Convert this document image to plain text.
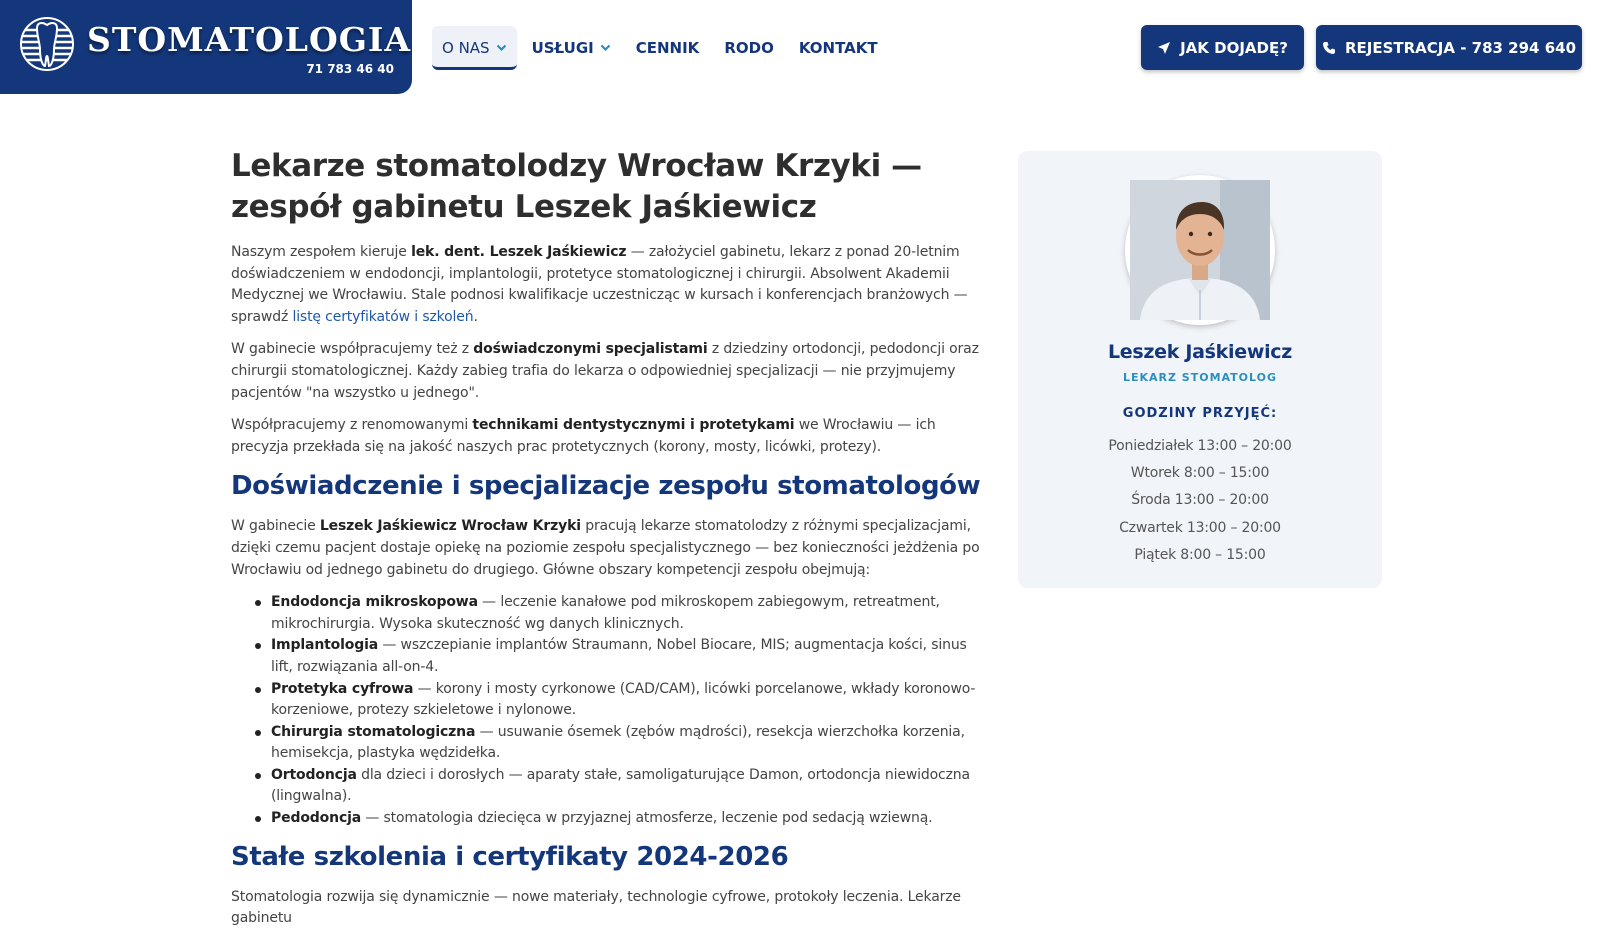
STOMATOLOGIA
71 783 46 40
O NAS	USŁUGI	CENNIK RODO KONTAKT	JAK DOJADĘ?	REJESTRACJA - 783 294 640
Lekarze stomatolodzy Wrocław Krzyki — zespół gabinetu Leszek Jaśkiewicz

Naszym zespołem kieruje lek. dent. Leszek Jaśkiewicz — założyciel gabinetu, lekarz z ponad 20-letnim doświadczeniem w endodoncji, implantologii, protetyce stomatologicznej i chirurgii. Absolwent Akademii Medycznej we Wrocławiu. Stale podnosi kwalifikacje uczestnicząc w kursach i konferencjach branżowych — sprawdź listę certyfikatów i szkoleń.

W gabinecie współpracujemy też z doświadczonymi specjalistami z dziedziny ortodoncji, pedodoncji oraz chirurgii stomatologicznej. Każdy zabieg trafia do lekarza o odpowiedniej specjalizacji — nie przyjmujemy pacjentów "na wszystko u jednego".

Współpracujemy z renomowanymi technikami dentystycznymi i protetykami we Wrocławiu — ich precyzja przekłada się na jakość naszych prac protetycznych (korony, mosty, licówki, protezy).

Doświadczenie i specjalizacje zespołu stomatologów

W gabinecie Leszek Jaśkiewicz Wrocław Krzyki pracują lekarze stomatolodzy z różnymi specjalizacjami, dzięki czemu pacjent dostaje opiekę na poziomie zespołu specjalistycznego — bez konieczności jeżdżenia po Wrocławiu od jednego gabinetu do drugiego. Główne obszary kompetencji zespołu obejmują:

Endodoncja mikroskopowa — leczenie kanałowe pod mikroskopem zabiegowym, retreatment, mikrochirurgia. Wysoka skuteczność wg danych klinicznych.
Implantologia — wszczepianie implantów Straumann, Nobel Biocare, MIS; augmentacja kości, sinus lift, rozwiązania all-on-4.
Protetyka cyfrowa — korony i mosty cyrkonowe (CAD/CAM), licówki porcelanowe, wkłady koronowo-korzeniowe, protezy szkieletowe i nylonowe.
Chirurgia stomatologiczna — usuwanie ósemek (zębów mądrości), resekcja wierzchołka korzenia, hemisekcja, plastyka wędzidełka.
Ortodoncja dla dzieci i dorosłych — aparaty stałe, samoligaturujące Damon, ortodoncja niewidoczna (lingwalna).
Pedodoncja — stomatologia dziecięca w przyjaznej atmosferze, leczenie pod sedacją wziewną.
Stałe szkolenia i certyfikaty 2024-2026

Stomatologia rozwija się dynamicznie — nowe materiały, technologie cyfrowe, protokoły leczenia. Lekarze gabinetu

Leszek Jaśkiewicz
LEKARZ STOMATOLOG
GODZINY PRZYJĘĆ:
Poniedziałek 13:00 – 20:00
Wtorek 8:00 – 15:00
Środa 13:00 – 20:00
Czwartek 13:00 – 20:00
Piątek 8:00 – 15:00
